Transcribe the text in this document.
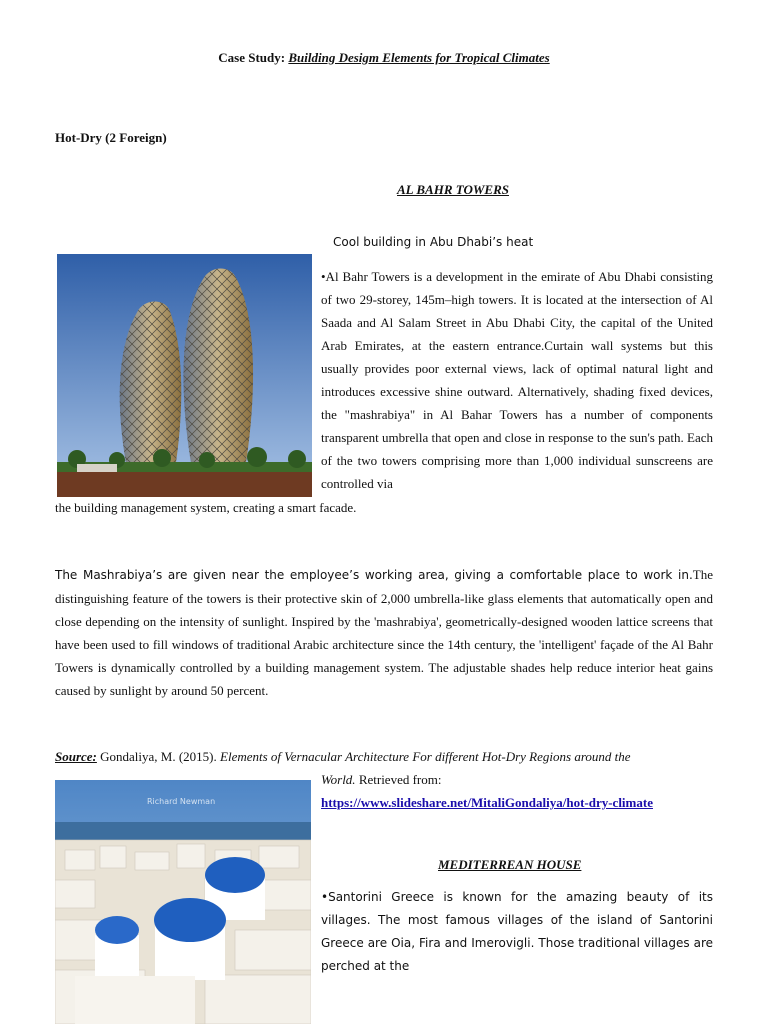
Case Study: Building Desigm Elements for Tropical Climates
Hot-Dry (2 Foreign)
AL BAHR TOWERS
Cool building in Abu Dhabi’s heat
•Al Bahr Towers is a development in the emirate of Abu Dhabi consisting of two 29-storey, 145m–high towers. It is located at the intersection of Al Saada and Al Salam Street in Abu Dhabi City, the capital of the United Arab Emirates, at the eastern entrance.Curtain wall systems but this usually provides poor external views, lack of optimal natural light and introduces excessive shine outward. Alternatively, shading fixed devices, the "mashrabiya" in Al Bahar Towers has a number of components transparent umbrella that open and close in response to the sun's path. Each of the two towers comprising more than 1,000 individual sunscreens are controlled via
the building management system, creating a smart facade.
The Mashrabiya’s are given near the employee’s working area, giving a comfortable place to work in.The distinguishing feature of the towers is their protective skin of 2,000 umbrella-like glass elements that automatically open and close depending on the intensity of sunlight. Inspired by the 'mashrabiya', geometrically-designed wooden lattice screens that have been used to fill windows of traditional Arabic architecture since the 14th century, the 'intelligent' façade of the Al Bahr Towers is dynamically controlled by a building management system. The adjustable shades help reduce interior heat gains caused by sunlight by around 50 percent.
Source: Gondaliya, M. (2015). Elements of Vernacular Architecture For different Hot-Dry Regions around the
World. Retrieved from:
https://www.slideshare.net/MitaliGondaliya/hot-dry-climate
Richard Newman
MEDITERREAN HOUSE
•Santorini Greece is known for the amazing beauty of its villages. The most famous villages of the island of Santorini Greece are Oia, Fira and Imerovigli. Those traditional villages are perched at the
